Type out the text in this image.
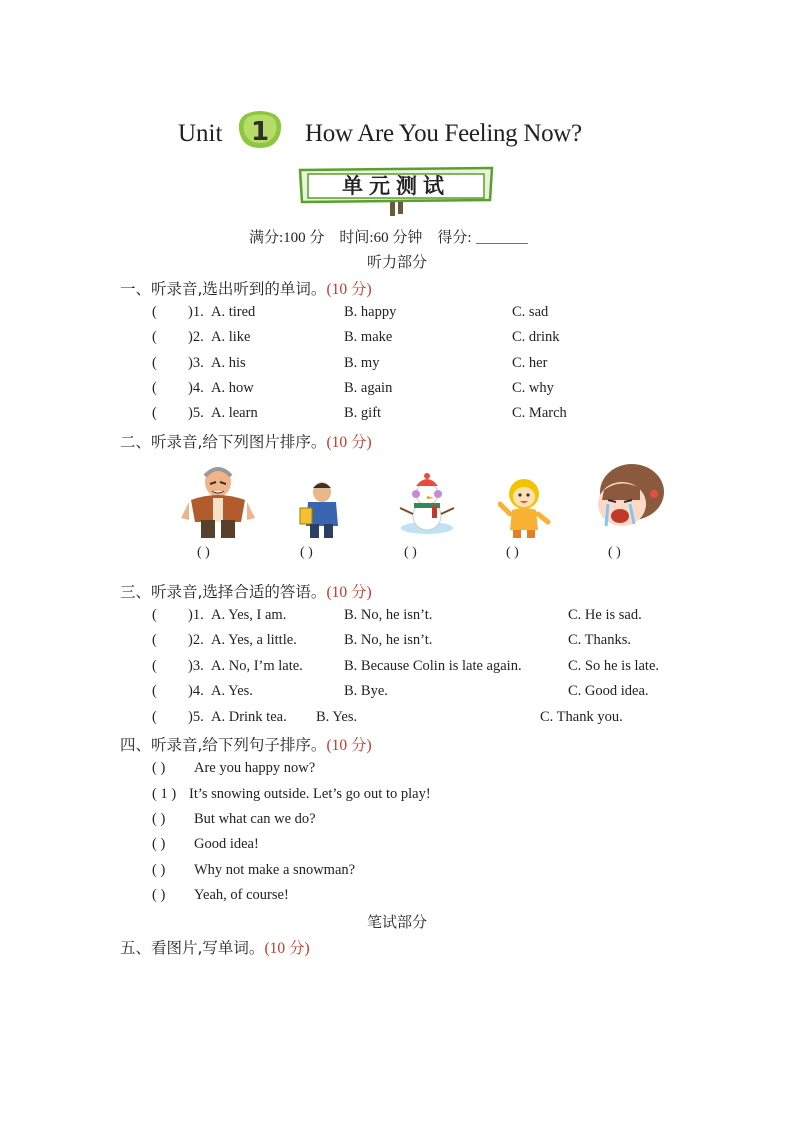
Unit 1 How Are You Feeling Now?
单元测试
满分:100 分 时间:60 分钟 得分:
听力部分
一、听录音,选出听到的单词。(10 分)
( )1. A. tired	B. happy	C. sad
( )2. A. like	B. make	C. drink
( )3. A. his	B. my	C. her
( )4. A. how	B. again	C. why
( )5. A. learn	B. gift	C. March
二、听录音,给下列图片排序。(10 分)
( )	( )	( )	( )	( )
三、听录音,选择合适的答语。(10 分)
( )1. A. Yes, I am.	B. No, he isn’t.	C. He is sad.
( )2. A. Yes, a little.	B. No, he isn’t.	C. Thanks.
( )3. A. No, I’m late.	B. Because Colin is late again.	C. So he is late.
( )4. A. Yes.	B. Bye.	C. Good idea.
( )5. A. Drink tea. B. Yes.	C. Thank you.
四、听录音,给下列句子排序。(10 分)
( ) Are you happy now?
( 1 ) It’s snowing outside. Let’s go out to play!
( ) But what can we do?
( ) Good idea!
( ) Why not make a snowman?
( ) Yeah, of course!
笔试部分
五、看图片,写单词。(10 分)
